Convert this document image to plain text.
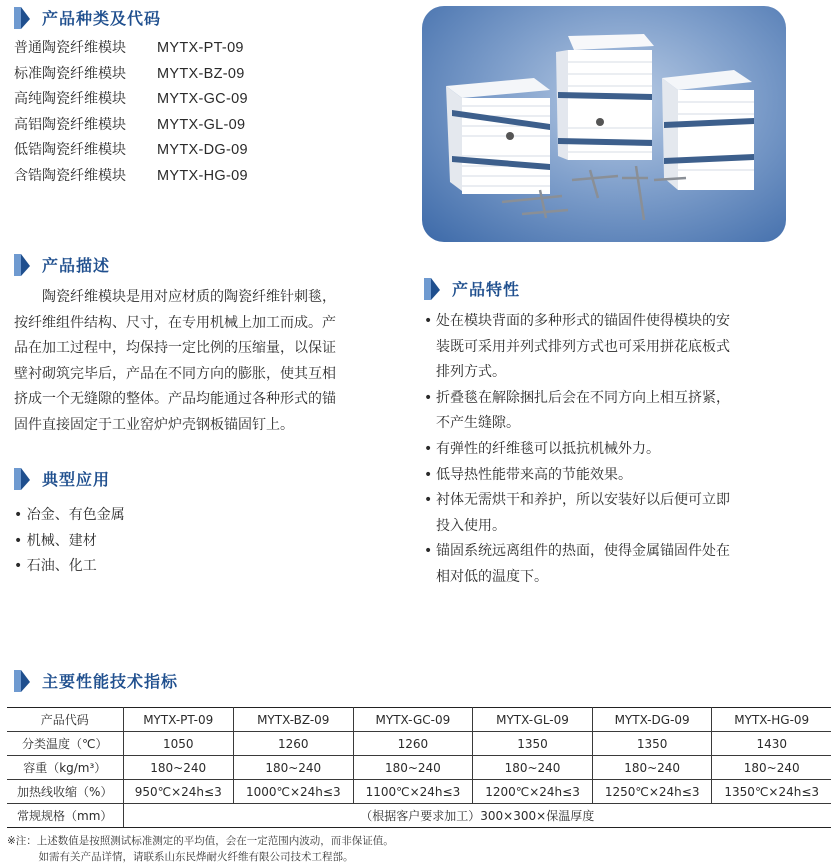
产品种类及代码
普通陶瓷纤维模块	MYTX-PT-09
标准陶瓷纤维模块	MYTX-BZ-09
高纯陶瓷纤维模块	MYTX-GC-09
高铝陶瓷纤维模块	MYTX-GL-09
低锆陶瓷纤维模块	MYTX-DG-09
含锆陶瓷纤维模块	MYTX-HG-09
产品描述
　　陶瓷纤维模块是用对应材质的陶瓷纤维针刺毯，
按纤维组件结构、尺寸，在专用机械上加工而成。产
品在加工过程中，均保持一定比例的压缩量，以保证
壁衬砌筑完毕后，产品在不同方向的膨胀，使其互相
挤成一个无缝隙的整体。产品均能通过各种形式的锚
固件直接固定于工业窑炉炉壳钢板锚固钉上。
典型应用
• 冶金、有色金属
• 机械、建材
• 石油、化工
产品特性
• 处在模块背面的多种形式的锚固件使得模块的安
装既可采用并列式排列方式也可采用拼花底板式
排列方式。
• 折叠毯在解除捆扎后会在不同方向上相互挤紧，
不产生缝隙。
• 有弹性的纤维毯可以抵抗机械外力。
• 低导热性能带来高的节能效果。
• 衬体无需烘干和养护，所以安装好以后便可立即
投入使用。
• 锚固系统远离组件的热面，使得金属锚固件处在
相对低的温度下。
主要性能技术指标
产品代码	MYTX-PT-09	MYTX-BZ-09	MYTX-GC-09	MYTX-GL-09	MYTX-DG-09	MYTX-HG-09
分类温度（℃）	1050	1260	1260	1350	1350	1430
容重（kg/m³）	180~240	180~240	180~240	180~240	180~240	180~240
加热线收缩（%）	950℃×24h≤3	1000℃×24h≤3	1100℃×24h≤3	1200℃×24h≤3	1250℃×24h≤3	1350℃×24h≤3
常规规格（mm）	（根据客户要求加工）300×300×保温厚度					
※注：上述数值是按照测试标准测定的平均值，会在一定范围内波动，而非保证值。
　　　如需有关产品详情，请联系山东民烨耐火纤维有限公司技术工程部。
